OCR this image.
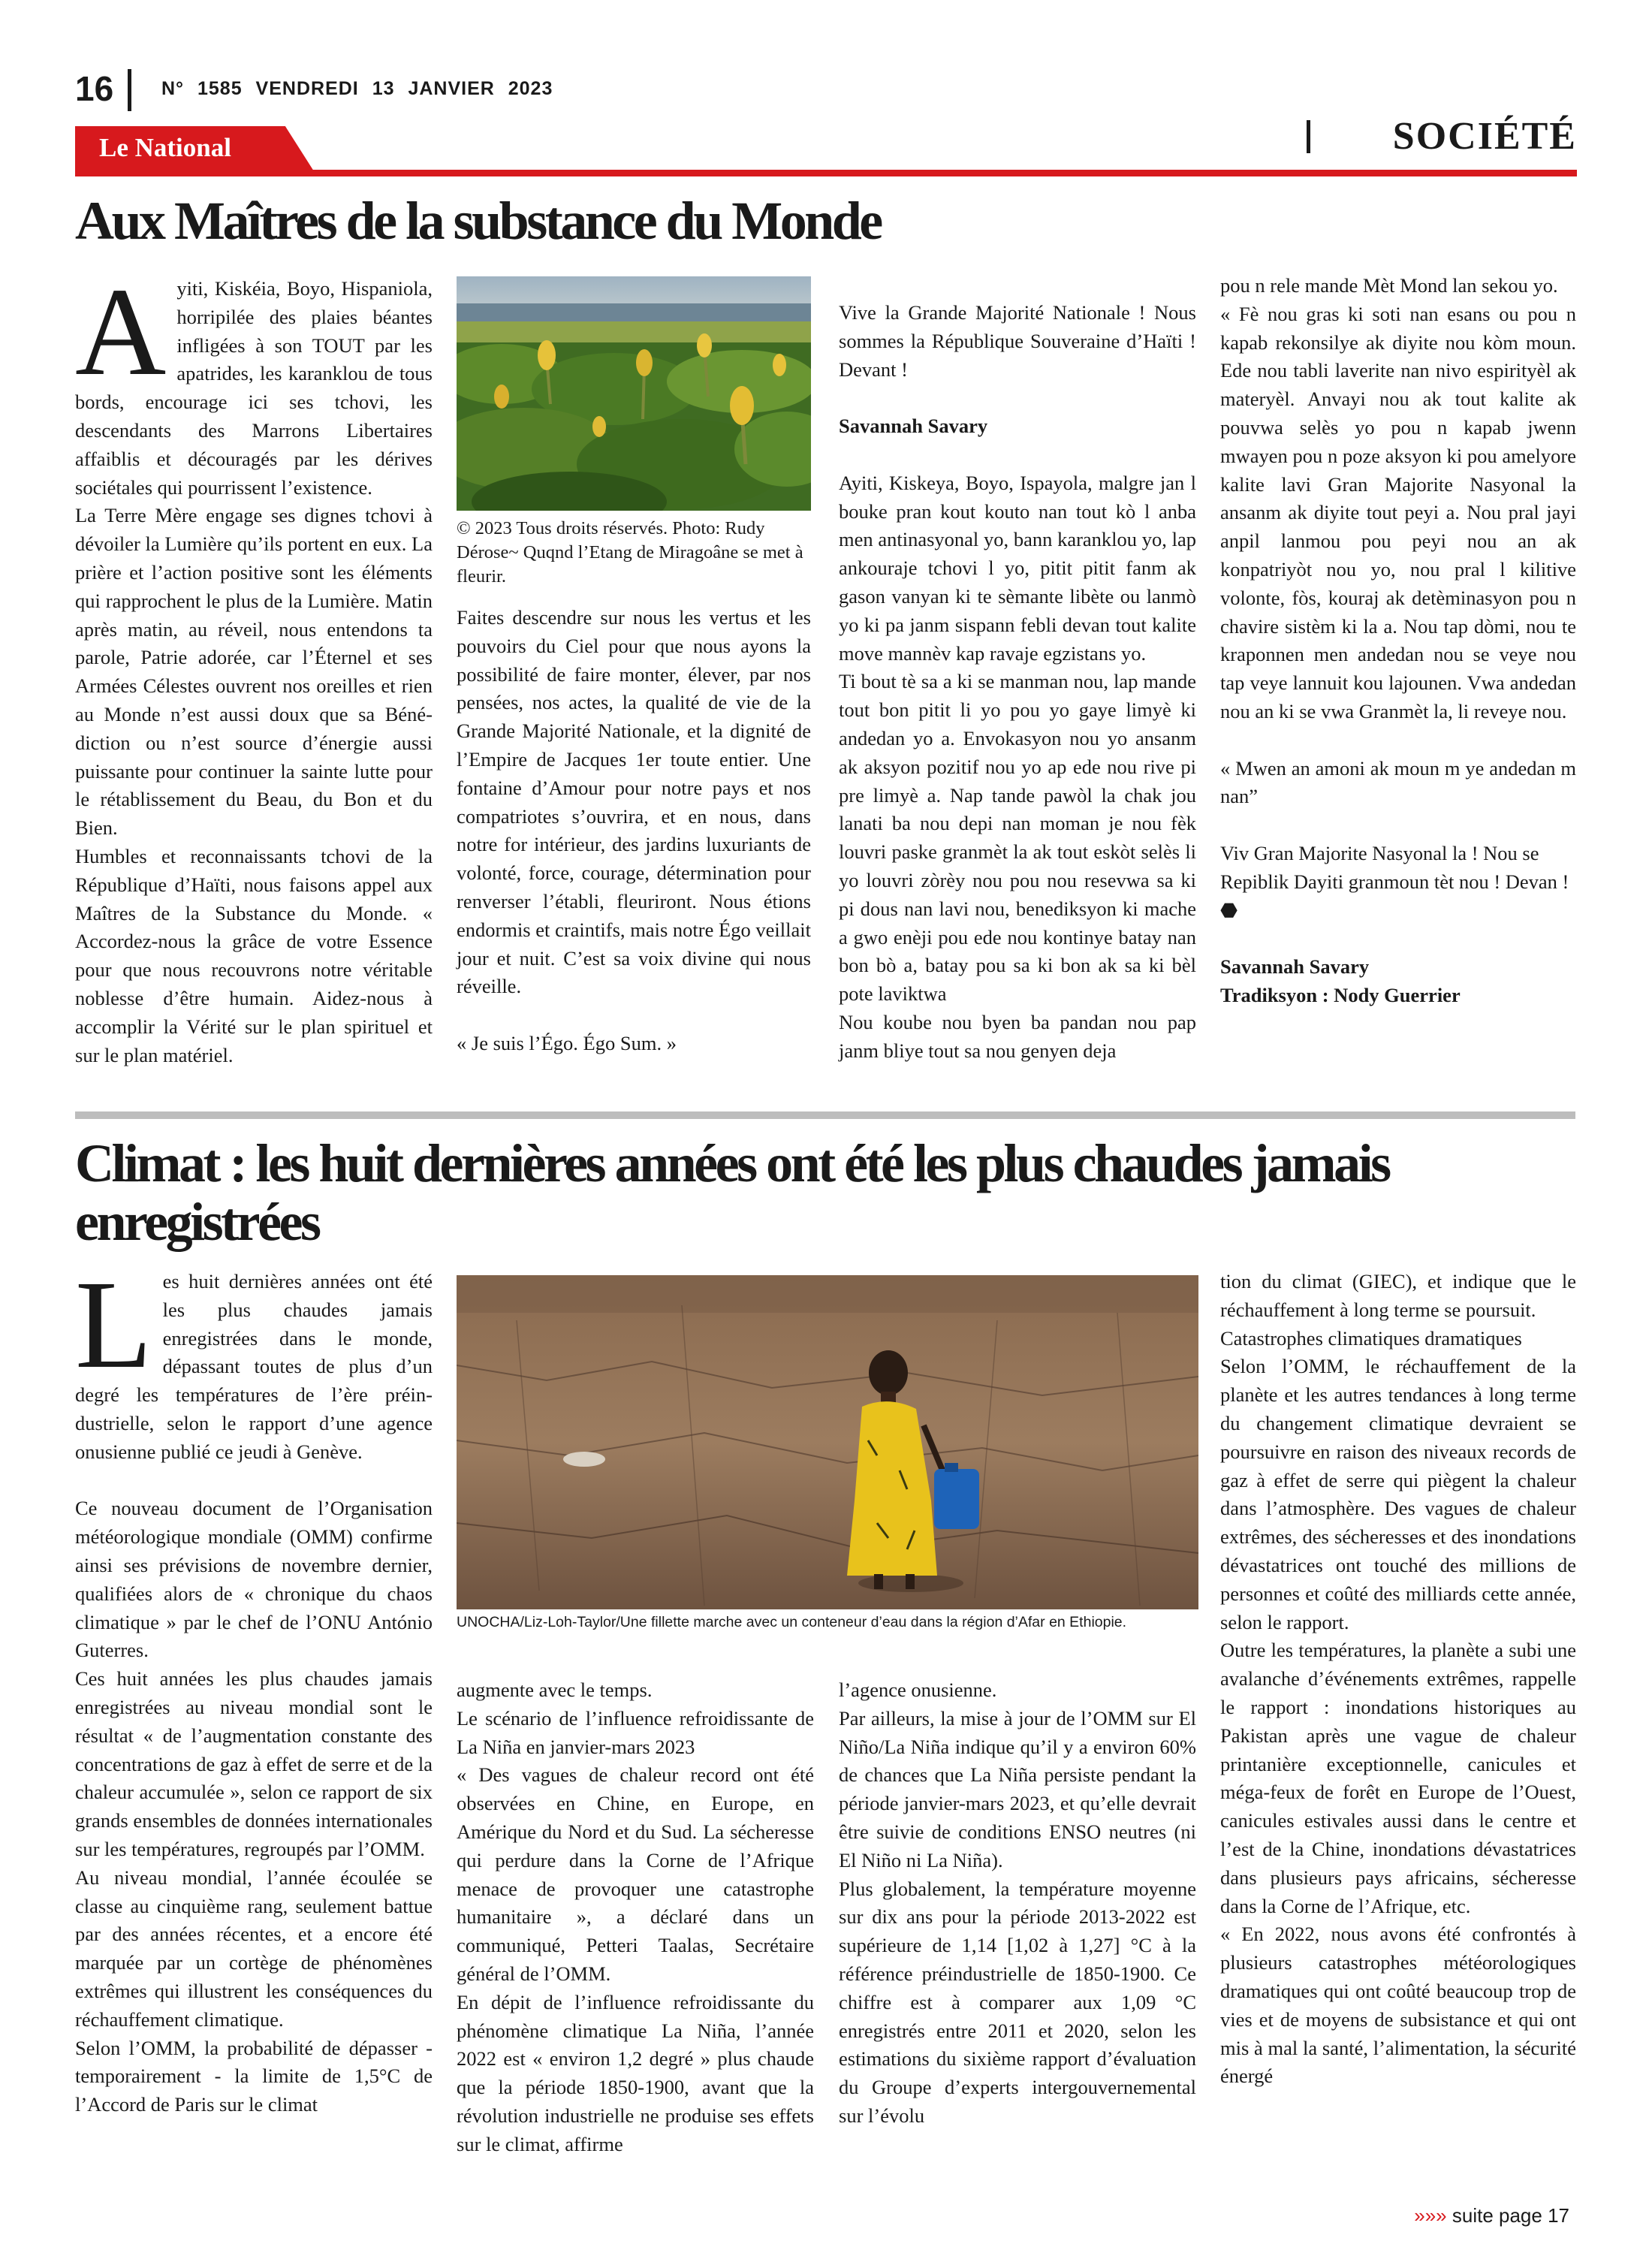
16	N° 1585 VENDREDI 13 JANVIER 2023
Le National	SOCIÉTÉ
Aux Maîtres de la substance du Monde
A yiti, Kiskéia, Boyo, Hispaniola, horripilée des plaies béantes infligées à son TOUT par les apatrides, les karanklou de tous bords, encourage ici ses tchovi, les descendants des Marrons Libertaires affaiblis et découragés par les dérives sociétales qui pourrissent l’existence.

La Terre Mère engage ses dignes tchovi à dévoiler la Lumière qu’ils portent en eux. La prière et l’action positive sont les éléments qui rapprochent le plus de la Lumière. Matin après matin, au réveil, nous entendons ta parole, Patrie adorée, car l’Éternel et ses Armées Célestes ouvrent nos oreilles et rien au Monde n’est aussi doux que sa Bénédiction ou n’est source d’énergie aussi puissante pour continuer la sainte lutte pour le rétablissement du Beau, du Bon et du Bien.

Humbles et reconnaissants tchovi de la République d’Haïti, nous faisons appel aux Maîtres de la Substance du Monde. « Accordez-nous la grâce de votre Essence pour que nous recouvrons notre véritable noblesse d’être humain. Aidez-nous à accomplir la Vérité sur le plan spirituel et sur le plan matériel.

© 2023 Tous droits réservés. Photo: Rudy Dérose~ Quqnd l’Etang de Miragoâne se met à fleurir.

Faites descendre sur nous les vertus et les pouvoirs du Ciel pour que nous ayons la possibilité de faire monter, élever, par nos pensées, nos actes, la qualité de vie de la Grande Majorité Nationale, et la dignité de l’Empire de Jacques 1er toute entier. Une fontaine d’Amour pour notre pays et nos compatriotes s’ouvrira, et en nous, dans notre for intérieur, des jardins luxuriants de volonté, force, courage, détermination pour renverser l’établi, fleuriront. Nous étions endormis et craintifs, mais notre Égo veillait jour et nuit. C’est sa voix divine qui nous réveille.

« Je suis l’Égo. Égo Sum. »

Vive la Grande Majorité Nationale ! Nous sommes la République Souveraine d’Haïti ! Devant !

Savannah Savary

Ayiti, Kiskeya, Boyo, Ispayola, malgre jan l bouke pran kout kouto nan tout kò l anba men antinasyonal yo, bann karanklou yo, lap ankouraje tchovi l yo, pitit pitit fanm ak gason vanyan ki te sèmante libète ou lanmò yo ki pa janm sispann febli devan tout kalite move mannèv kap ravaje egzistans yo.

Ti bout tè sa a ki se manman nou, lap mande tout bon pitit li yo pou yo gaye limyè ki andedan yo a. Envokasyon nou yo ansanm ak aksyon pozitif nou yo ap ede nou rive pi pre limyè a. Nap tande pawòl la chak jou lanati ba nou depi nan moman je nou fèk louvri paske granmèt la ak tout eskòt selès li yo louvri zòrèy nou pou nou resevwa sa ki pi dous nan lavi nou, benediksyon ki mache a gwo enèji pou ede nou kontinye batay nan bon bò a, batay pou sa ki bon ak sa ki bèl pote laviktwa

Nou koube nou byen ba pandan nou pap janm bliye tout sa nou genyen deja

pou n rele mande Mèt Mond lan sekou yo.

« Fè nou gras ki soti nan esans ou pou n kapab rekonsilye ak diyite nou kòm moun. Ede nou tabli laverite nan nivo espirityèl ak materyèl. Anvayi nou ak tout kalite ak pouvwa selès yo pou n kapab jwenn mwayen pou n poze aksyon ki pou amelyore kalite lavi Gran Majorite Nasyonal la ansanm ak diyite tout peyi a. Nou pral jayi anpil lanmou pou peyi nou an ak konpatriyòt nou yo, nou pral l kilitive volonte, fòs, kouraj ak detèminasyon pou n chavire sistèm ki la a. Nou tap dòmi, nou te kraponnen men andedan nou se veye nou tap veye lannuit kou lajounen. Vwa andedan nou an ki se vwa Granmèt la, li reveye nou.

« Mwen an amoni ak moun m ye andedan m nan”

Viv Gran Majorite Nasyonal la ! Nou se Repiblik Dayiti granmoun tèt nou ! Devan ! ⬣

Savannah Savary

Tradiksyon : Nody Guerrier

Climat : les huit dernières années ont été les plus chaudes jamais enregistrées
L es huit dernières années ont été les plus chaudes jamais enregistrées dans le monde, dépassant toutes de plus d’un degré les températures de l’ère préindustrielle, selon le rapport d’une agence onusienne publié ce jeudi à Genève.

Ce nouveau document de l’Organisation météorologique mondiale (OMM) confirme ainsi ses prévisions de novembre dernier, qualifiées alors de « chronique du chaos climatique » par le chef de l’ONU António Guterres.

Ces huit années les plus chaudes jamais enregistrées au niveau mondial sont le résultat « de l’augmentation constante des concentrations de gaz à effet de serre et de la chaleur accumulée », selon ce rapport de six grands ensembles de données internationales sur les températures, regroupés par l’OMM.

Au niveau mondial, l’année écoulée se classe au cinquième rang, seulement battue par des années récentes, et a encore été marquée par un cortège de phénomènes extrêmes qui illustrent les conséquences du réchauffement climatique.

Selon l’OMM, la probabilité de dépasser - temporairement - la limite de 1,5°C de l’Accord de Paris sur le climat

UNOCHA/Liz-Loh-Taylor/Une fillette marche avec un conteneur d’eau dans la région d’Afar en Ethiopie.

augmente avec le temps.

Le scénario de l’influence refroidissante de La Niña en janvier-mars 2023

« Des vagues de chaleur record ont été observées en Chine, en Europe, en Amérique du Nord et du Sud. La sécheresse qui perdure dans la Corne de l’Afrique menace de provoquer une catastrophe humanitaire », a déclaré dans un communiqué, Petteri Taalas, Secrétaire général de l’OMM.

En dépit de l’influence refroidissante du phénomène climatique La Niña, l’année 2022 est « environ 1,2 degré » plus chaude que la période 1850-1900, avant que la révolution industrielle ne produise ses effets sur le climat, affirme

l’agence onusienne.

Par ailleurs, la mise à jour de l’OMM sur El Niño/La Niña indique qu’il y a environ 60% de chances que La Niña persiste pendant la période janvier-mars 2023, et qu’elle devrait être suivie de conditions ENSO neutres (ni El Niño ni La Niña).

Plus globalement, la température moyenne sur dix ans pour la période 2013-2022 est supérieure de 1,14 [1,02 à 1,27] °C à la référence préindustrielle de 1850-1900. Ce chiffre est à comparer aux 1,09 °C enregistrés entre 2011 et 2020, selon les estimations du sixième rapport d’évaluation du Groupe d’experts intergouvernemental sur l’évolu

tion du climat (GIEC), et indique que le réchauffement à long terme se poursuit.

Catastrophes climatiques dramatiques

Selon l’OMM, le réchauffement de la planète et les autres tendances à long terme du changement climatique devraient se poursuivre en raison des niveaux records de gaz à effet de serre qui piègent la chaleur dans l’atmosphère. Des vagues de chaleur extrêmes, des sécheresses et des inondations dévastatrices ont touché des millions de personnes et coûté des milliards cette année, selon le rapport.

Outre les températures, la planète a subi une avalanche d’événements extrêmes, rappelle le rapport : inondations historiques au Pakistan après une vague de chaleur printanière exceptionnelle, canicules et méga-feux de forêt en Europe de l’Ouest, canicules estivales aussi dans le centre et l’est de la Chine, inondations dévastatrices dans plusieurs pays africains, sécheresse dans la Corne de l’Afrique, etc.

« En 2022, nous avons été confrontés à plusieurs catastrophes météorologiques dramatiques qui ont coûté beaucoup trop de vies et de moyens de subsistance et qui ont mis à mal la santé, l’alimentation, la sécurité énergé

»»» suite page 17
